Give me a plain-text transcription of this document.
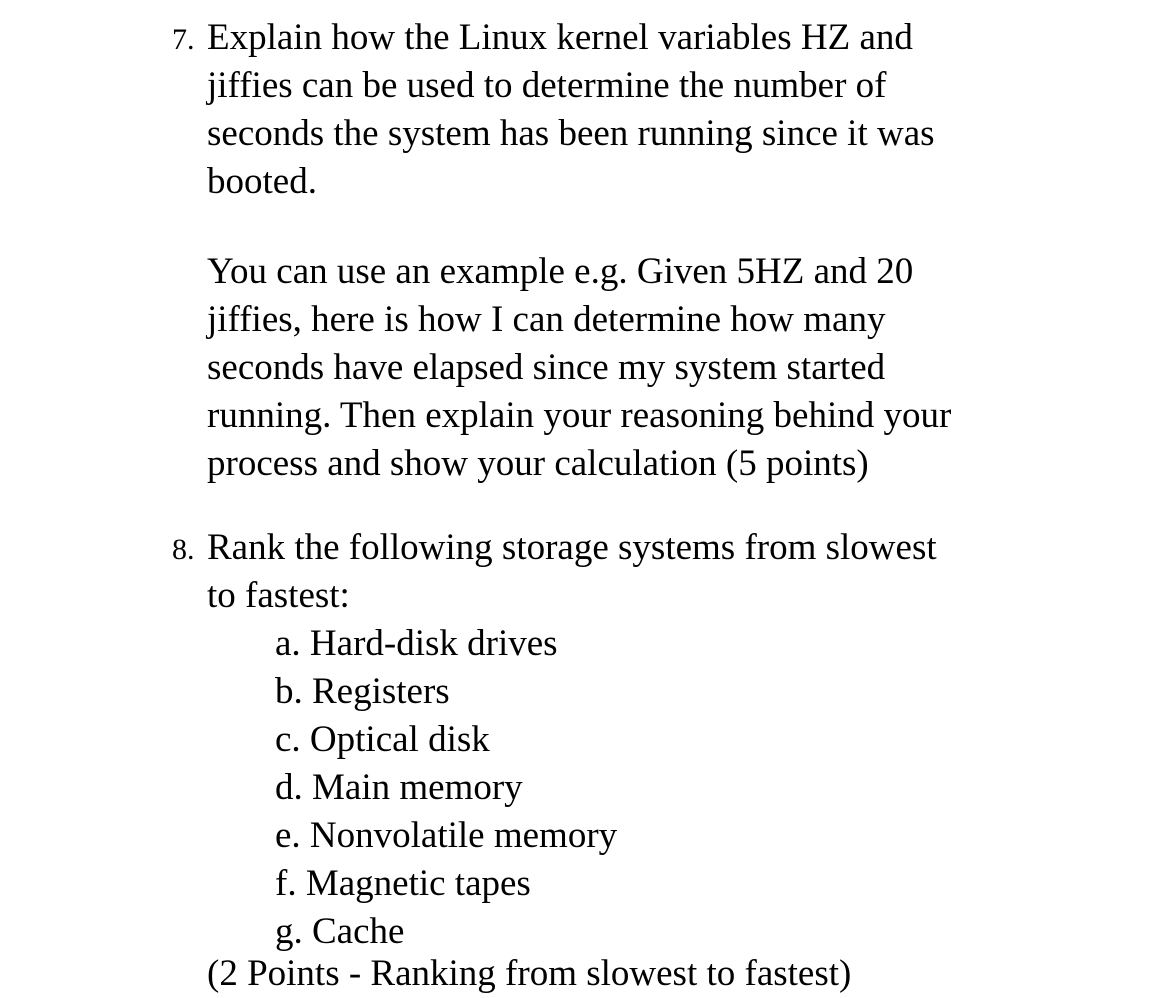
7. Explain how the Linux kernel variables HZ and
jiffies can be used to determine the number of
seconds the system has been running since it was
booted.

You can use an example e.g. Given 5HZ and 20
jiffies, here is how I can determine how many
seconds have elapsed since my system started
running. Then explain your reasoning behind your
process and show your calculation (5 points)

8. Rank the following storage systems from slowest
to fastest:

a. Hard-disk drives
b. Registers
c. Optical disk
d. Main memory
e. Nonvolatile memory
f. Magnetic tapes
g. Cache
(2 Points - Ranking from slowest to fastest)
